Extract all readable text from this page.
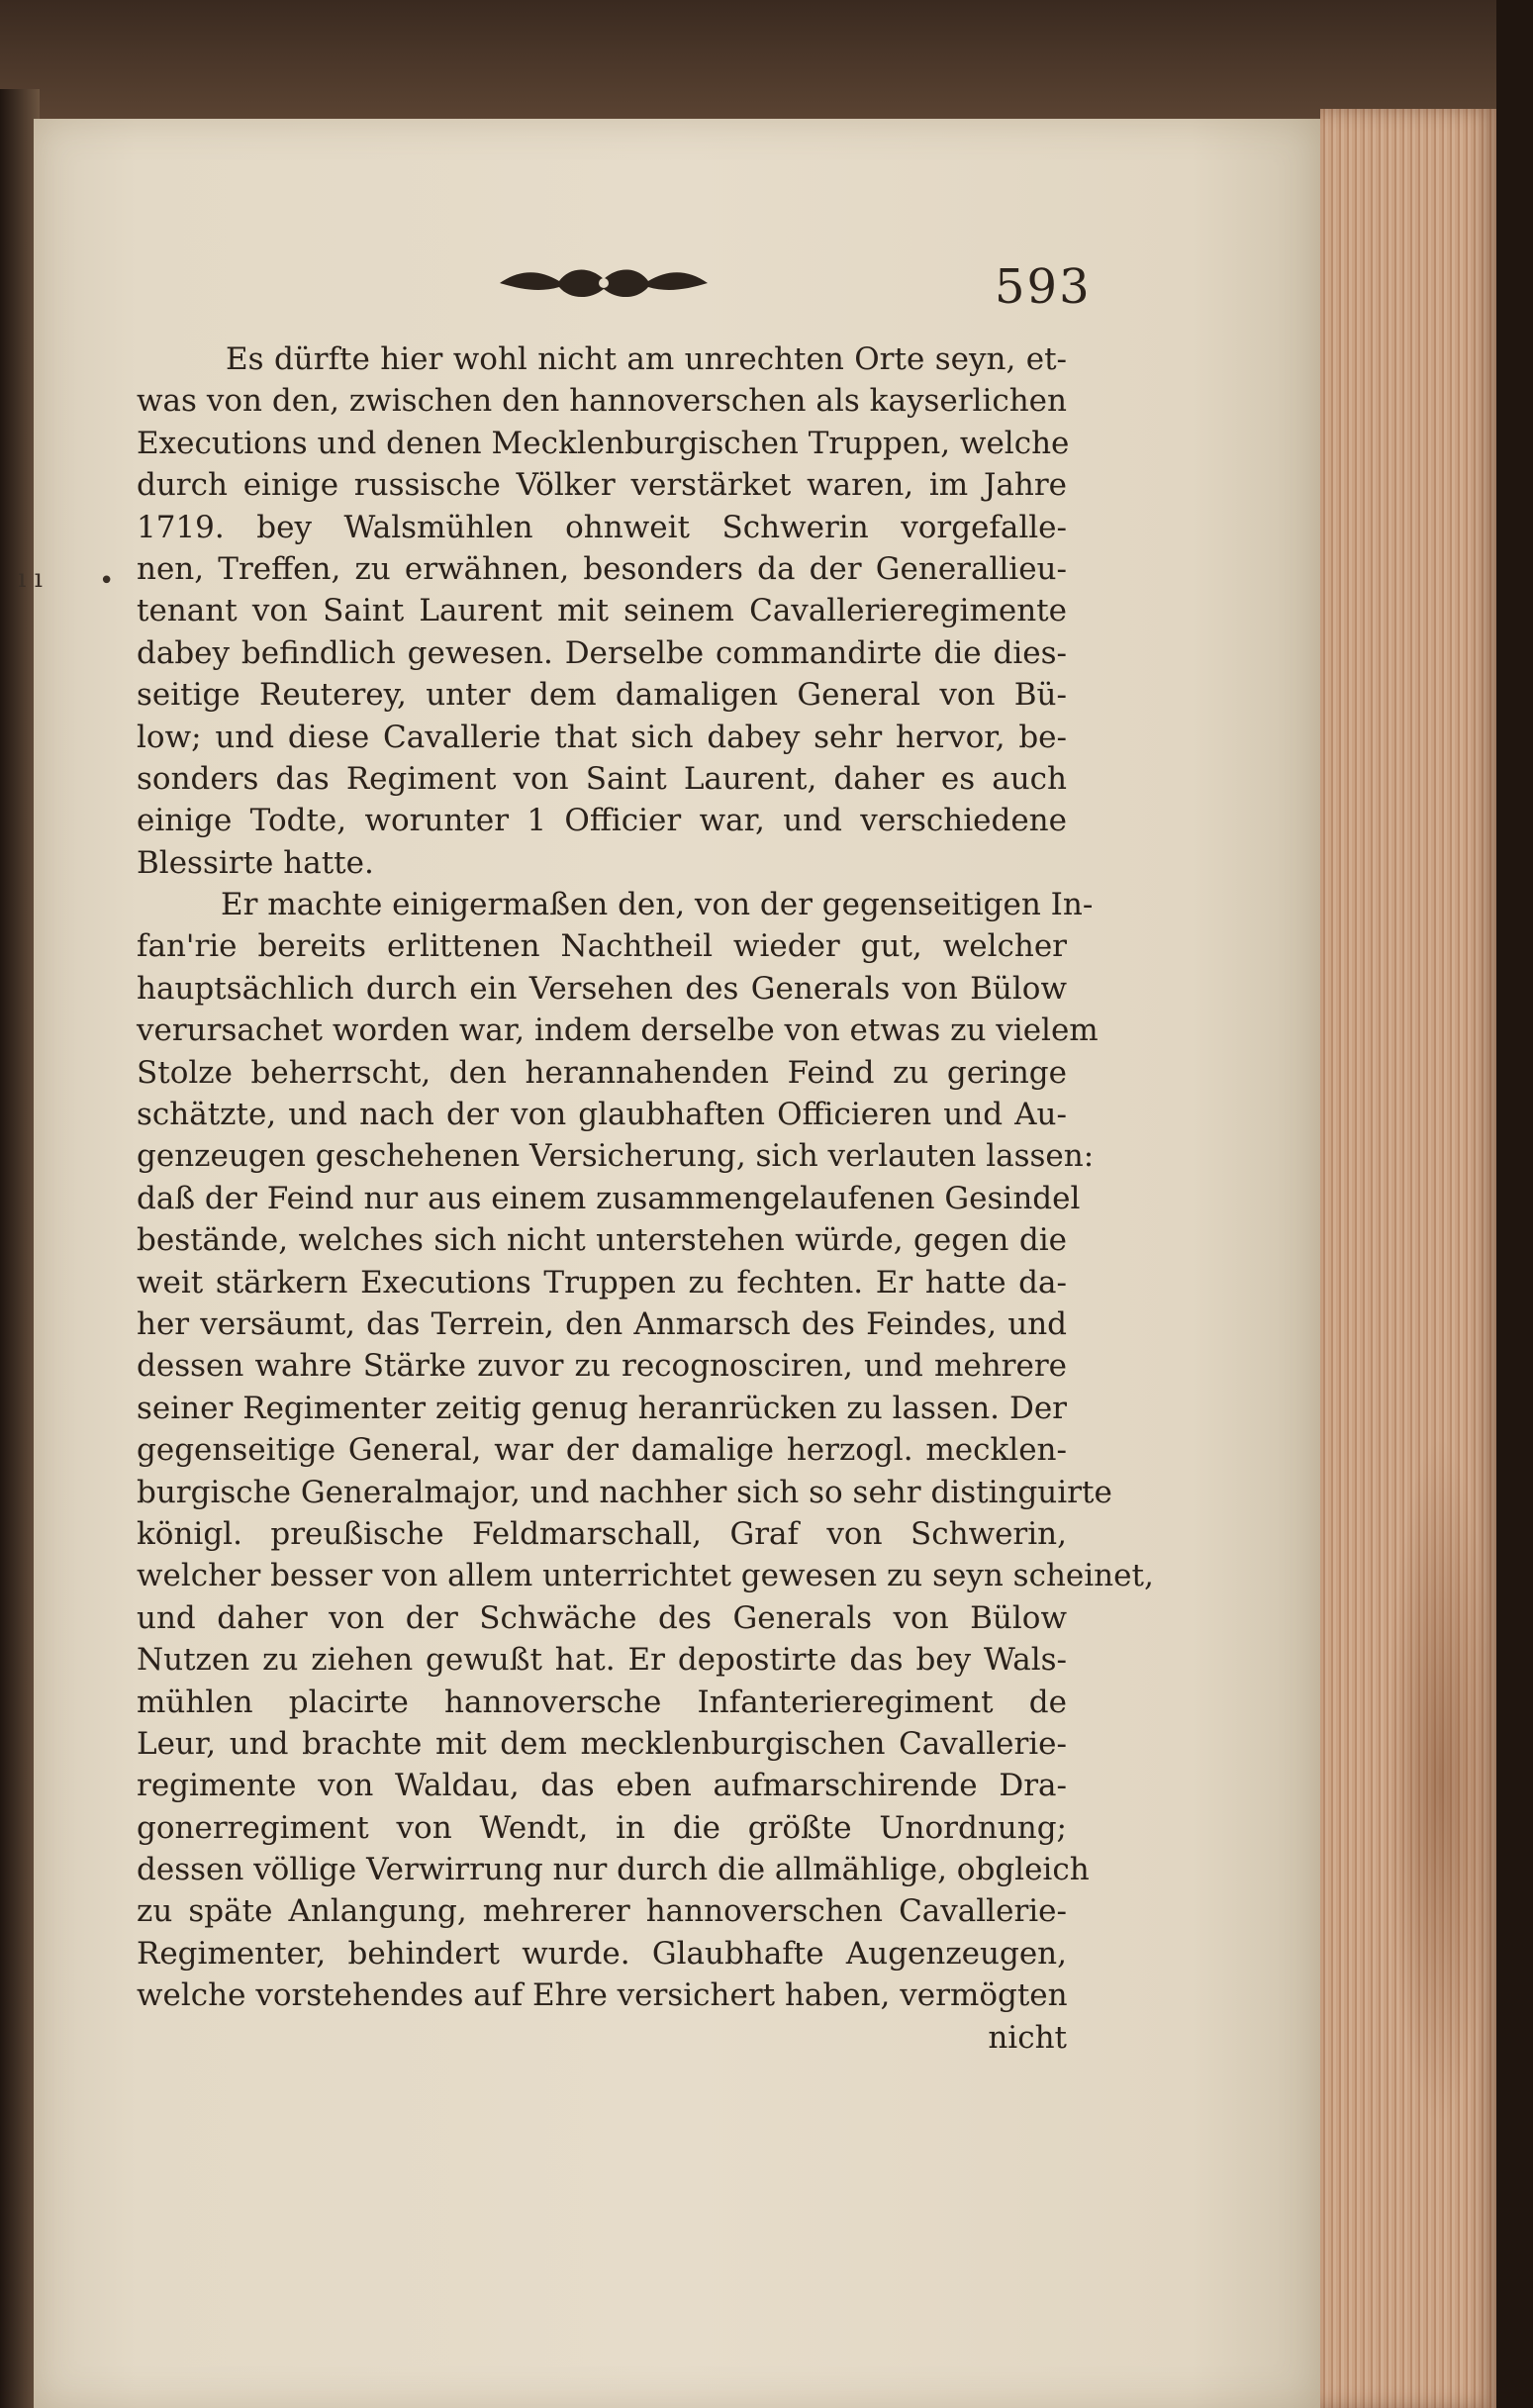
ı ı •
593
Es dürfte hier wohl nicht am unrechten Orte seyn, et-
was von den, zwischen den hannoverschen als kayserlichen
Executions und denen Mecklenburgischen Truppen, welche
durch einige russische Völker verstärket waren, im Jahre
1719. bey Walsmühlen ohnweit Schwerin vorgefalle-
nen, Treffen, zu erwähnen, besonders da der Generallieu-
tenant von Saint Laurent mit seinem Cavallerieregimente
dabey befindlich gewesen. Derselbe commandirte die dies-
seitige Reuterey, unter dem damaligen General von Bü-
low; und diese Cavallerie that sich dabey sehr hervor, be-
sonders das Regiment von Saint Laurent, daher es auch
einige Todte, worunter 1 Officier war, und verschiedene
Blessirte hatte.
Er machte einigermaßen den, von der gegenseitigen In-
fan'rie bereits erlittenen Nachtheil wieder gut, welcher
hauptsächlich durch ein Versehen des Generals von Bülow
verursachet worden war, indem derselbe von etwas zu vielem
Stolze beherrscht, den herannahenden Feind zu geringe
schätzte, und nach der von glaubhaften Officieren und Au-
genzeugen geschehenen Versicherung, sich verlauten lassen:
daß der Feind nur aus einem zusammengelaufenen Gesindel
bestände, welches sich nicht unterstehen würde, gegen die
weit stärkern Executions Truppen zu fechten. Er hatte da-
her versäumt, das Terrein, den Anmarsch des Feindes, und
dessen wahre Stärke zuvor zu recognosciren, und mehrere
seiner Regimenter zeitig genug heranrücken zu lassen. Der
gegenseitige General, war der damalige herzogl. mecklen-
burgische Generalmajor, und nachher sich so sehr distinguirte
königl. preußische Feldmarschall, Graf von Schwerin,
welcher besser von allem unterrichtet gewesen zu seyn scheinet,
und daher von der Schwäche des Generals von Bülow
Nutzen zu ziehen gewußt hat. Er depostirte das bey Wals-
mühlen placirte hannoversche Infanterieregiment de
Leur, und brachte mit dem mecklenburgischen Cavallerie-
regimente von Waldau, das eben aufmarschirende Dra-
gonerregiment von Wendt, in die größte Unordnung;
dessen völlige Verwirrung nur durch die allmählige, obgleich
zu späte Anlangung, mehrerer hannoverschen Cavallerie-
Regimenter, behindert wurde. Glaubhafte Augenzeugen,
welche vorstehendes auf Ehre versichert haben, vermögten
nicht
